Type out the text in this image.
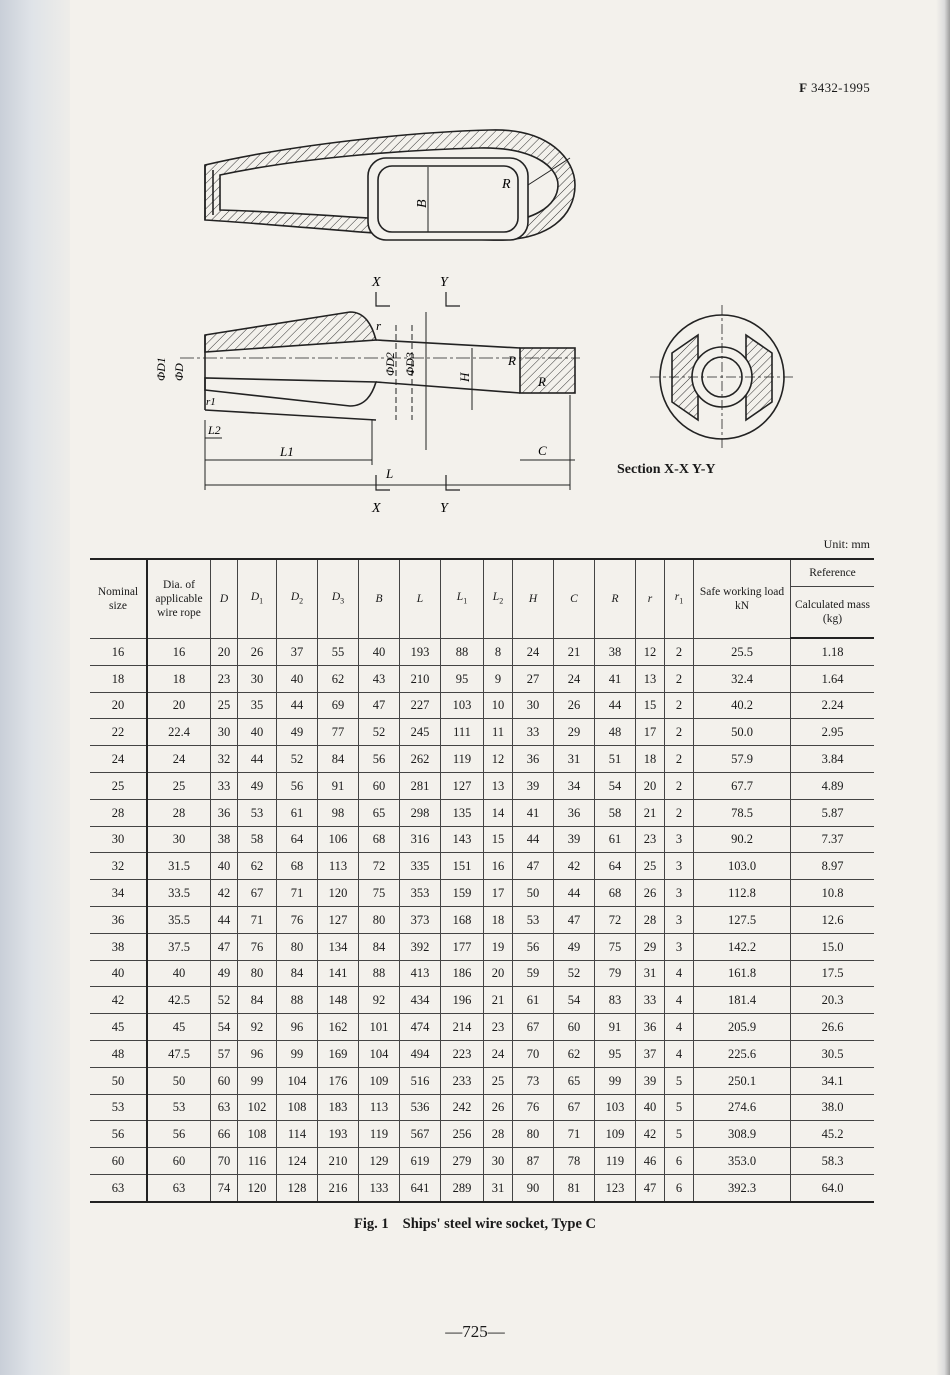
F 3432-1995
B
R
X	Y
X	Y
r
ΦD1 ΦD
r1
ΦD2 ΦD3
H
R
R
L2
L1
L
C
Section X-X Y-Y
Unit: mm
Nominal size	Dia. of applicable wire rope	D	$D_1$	$D_2$	$D_3$	B	L	$L_1$	$L_2$	H	C	R	r	$r_1$	Safe working load kN	Reference
																Calculated mass (kg)
16	16	20	26	37	55	40	193	88	8	24	21	38	12	2	25.5	1.18
18	18	23	30	40	62	43	210	95	9	27	24	41	13	2	32.4	1.64
20	20	25	35	44	69	47	227	103	10	30	26	44	15	2	40.2	2.24
22	22.4	30	40	49	77	52	245	111	11	33	29	48	17	2	50.0	2.95
24	24	32	44	52	84	56	262	119	12	36	31	51	18	2	57.9	3.84
25	25	33	49	56	91	60	281	127	13	39	34	54	20	2	67.7	4.89
28	28	36	53	61	98	65	298	135	14	41	36	58	21	2	78.5	5.87
30	30	38	58	64	106	68	316	143	15	44	39	61	23	3	90.2	7.37
32	31.5	40	62	68	113	72	335	151	16	47	42	64	25	3	103.0	8.97
34	33.5	42	67	71	120	75	353	159	17	50	44	68	26	3	112.8	10.8
36	35.5	44	71	76	127	80	373	168	18	53	47	72	28	3	127.5	12.6
38	37.5	47	76	80	134	84	392	177	19	56	49	75	29	3	142.2	15.0
40	40	49	80	84	141	88	413	186	20	59	52	79	31	4	161.8	17.5
42	42.5	52	84	88	148	92	434	196	21	61	54	83	33	4	181.4	20.3
45	45	54	92	96	162	101	474	214	23	67	60	91	36	4	205.9	26.6
48	47.5	57	96	99	169	104	494	223	24	70	62	95	37	4	225.6	30.5
50	50	60	99	104	176	109	516	233	25	73	65	99	39	5	250.1	34.1
53	53	63	102	108	183	113	536	242	26	76	67	103	40	5	274.6	38.0
56	56	66	108	114	193	119	567	256	28	80	71	109	42	5	308.9	45.2
60	60	70	116	124	210	129	619	279	30	87	78	119	46	6	353.0	58.3
63	63	74	120	128	216	133	641	289	31	90	81	123	47	6	392.3	64.0
Fig. 1 Ships' steel wire socket, Type C
—725—
